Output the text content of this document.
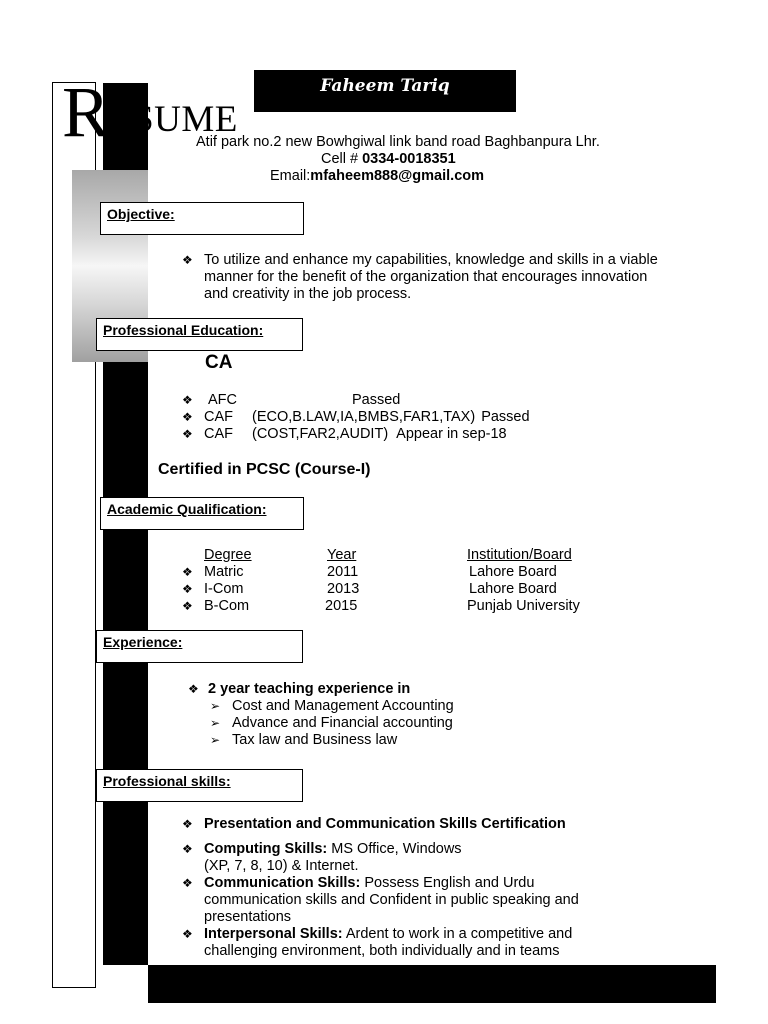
Faheem Tariq
R ESUME
Atif park no.2 new Bowhgiwal link band road Baghbanpura Lhr.
Cell # 0334-0018351
Email:mfaheem888@gmail.com
Objective:
❖ To utilize and enhance my capabilities, knowledge and skills in a viable
manner for the benefit of the organization that encourages innovation
and creativity in the job process.
Professional Education:
CA
❖	AFC	Passed
❖ CAF	(ECO,B.LAW,IA,BMBS,FAR1,TAX) Passed
❖ CAF	(COST,FAR2,AUDIT) Appear in sep-18
Certified in PCSC (Course-I)
Academic Qualification:
Degree	Year	Institution/Board
❖ Matric	2011	Lahore Board
❖ I-Com	2013	Lahore Board
❖ B-Com	2015	Punjab University
Experience:
❖ 2 year teaching experience in
➢ Cost and Management Accounting
➢ Advance and Financial accounting
➢ Tax law and Business law
Professional skills:
❖ Presentation and Communication Skills Certification
❖ Computing Skills: MS Office, Windows
(XP, 7, 8, 10) & Internet.
❖ Communication Skills: Possess English and Urdu
communication skills and Confident in public speaking and
presentations
❖ Interpersonal Skills: Ardent to work in a competitive and
challenging environment, both individually and in teams
